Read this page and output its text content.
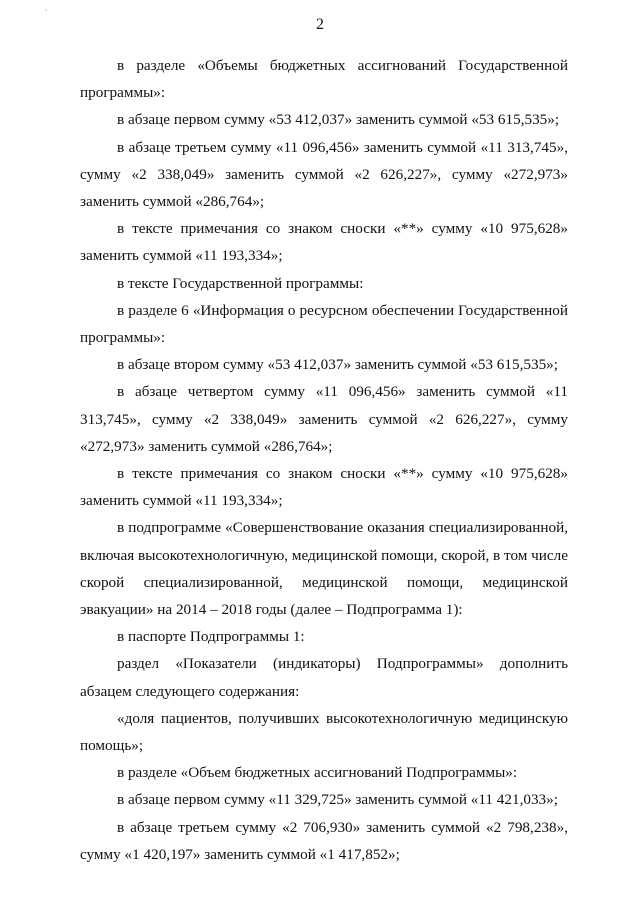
`
2

в разделе «Объемы бюджетных ассигнований Государственной программы»:

в абзаце первом сумму «53 412,037» заменить суммой «53 615,535»;

в абзаце третьем сумму «11 096,456» заменить суммой «11 313,745», сумму «2 338,049» заменить суммой «2 626,227», сумму «272,973» заменить суммой «286,764»;

в тексте примечания со знаком сноски «**» сумму «10 975,628» заменить суммой «11 193,334»;

в тексте Государственной программы:

в разделе 6 «Информация о ресурсном обеспечении Государственной программы»:

в абзаце втором сумму «53 412,037» заменить суммой «53 615,535»;

в абзаце четвертом сумму «11 096,456» заменить суммой «11 313,745», сумму «2 338,049» заменить суммой «2 626,227», сумму «272,973» заменить суммой «286,764»;

в тексте примечания со знаком сноски «**» сумму «10 975,628» заменить суммой «11 193,334»;

в подпрограмме «Совершенствование оказания специализированной, включая высокотехнологичную, медицинской помощи, скорой, в том числе скорой специализированной, медицинской помощи, медицинской эвакуации» на 2014 – 2018 годы (далее – Подпрограмма 1):

в паспорте Подпрограммы 1:

раздел «Показатели (индикаторы) Подпрограммы» дополнить абзацем следующего содержания:

«доля пациентов, получивших высокотехнологичную медицинскую помощь»;

в разделе «Объем бюджетных ассигнований Подпрограммы»:

в абзаце первом сумму «11 329,725» заменить суммой «11 421,033»;

в абзаце третьем сумму «2 706,930» заменить суммой «2 798,238», сумму «1 420,197» заменить суммой «1 417,852»;
